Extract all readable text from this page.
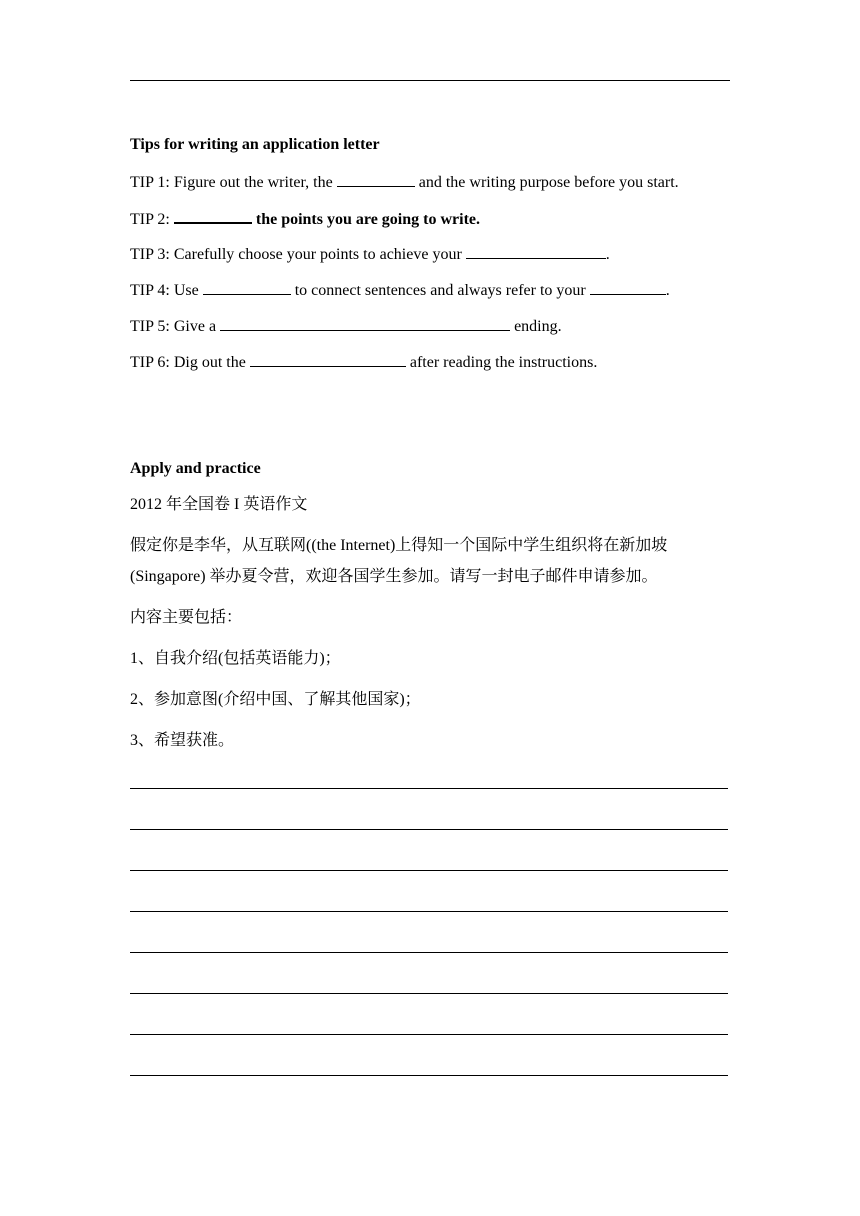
Tips for writing an application letter
TIP 1: Figure out the writer, the	and the writing purpose before you start.
TIP 2:	the points you are going to write.
TIP 3: Carefully choose your points to achieve your	.
TIP 4: Use	to connect sentences and always refer to your	.
TIP 5: Give a	ending.
TIP 6: Dig out the	after reading the instructions.
Apply and practice
2012 年全国卷 I 英语作文
假定你是李华，从互联网((the Internet)上得知一个国际中学生组织将在新加坡
(Singapore) 举办夏令营，欢迎各国学生参加。请写一封电子邮件申请参加。
内容主要包括：
1、自我介绍(包括英语能力)；
2、参加意图(介绍中国、了解其他国家)；
3、希望获准。
